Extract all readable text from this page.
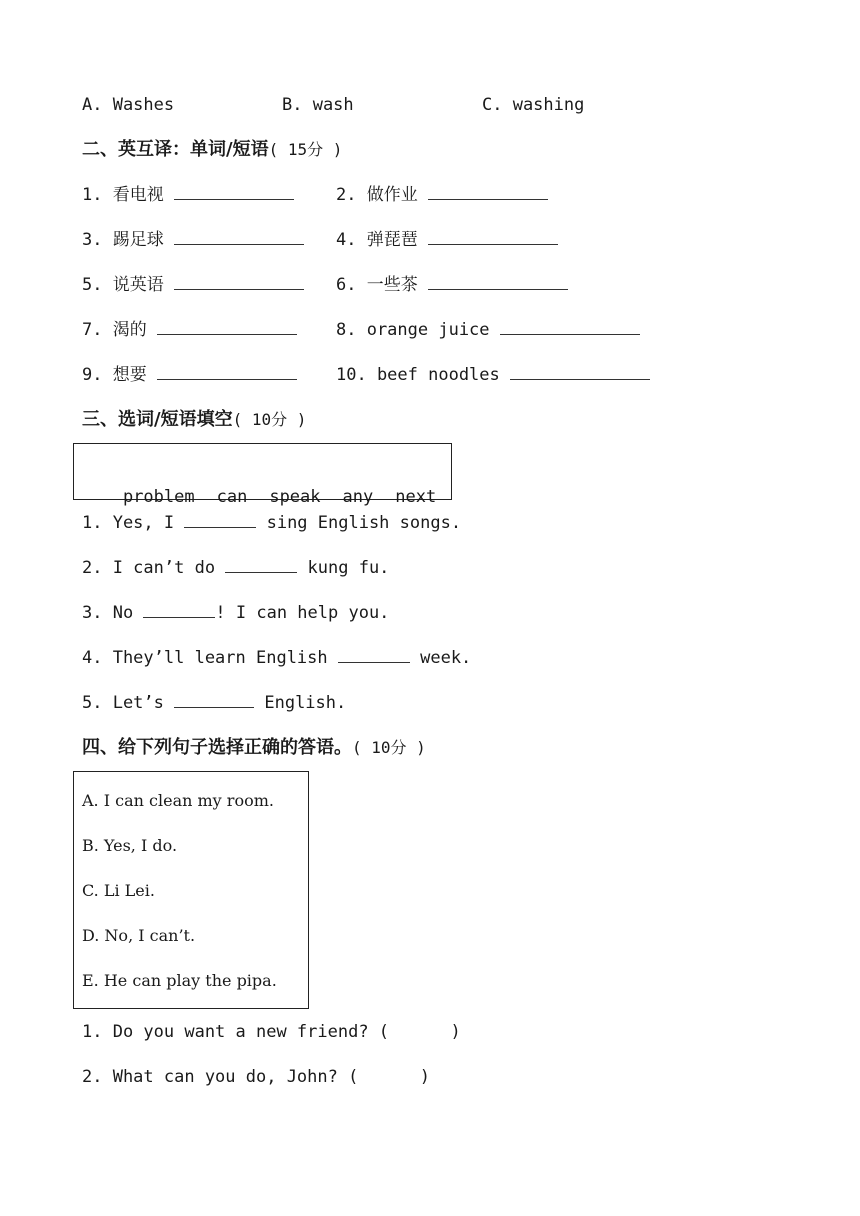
A. Washes	B. wash	C. washing
二、英互译：单词/短语( 15分 )
1. 看电视	2. 做作业
3. 踢足球	4. 弹琵琶
5. 说英语	6. 一些茶
7. 渴的	8. orange juice
9. 想要	10. beef noodles
三、选词/短语填空( 10分 )

problem can speak any next

1. Yes, I	sing English songs.
2. I can’t do	kung fu.
3. No	! I can help you.
4. They’ll learn English	week.
5. Let’s	English.
四、给下列句子选择正确的答语。( 10分 )
A. I can clean my room.
B. Yes, I do.
C. Li Lei.
D. No, I can’t.
E. He can play the pipa.
1. Do you want a new friend? (      )
2. What can you do, John? (      )
